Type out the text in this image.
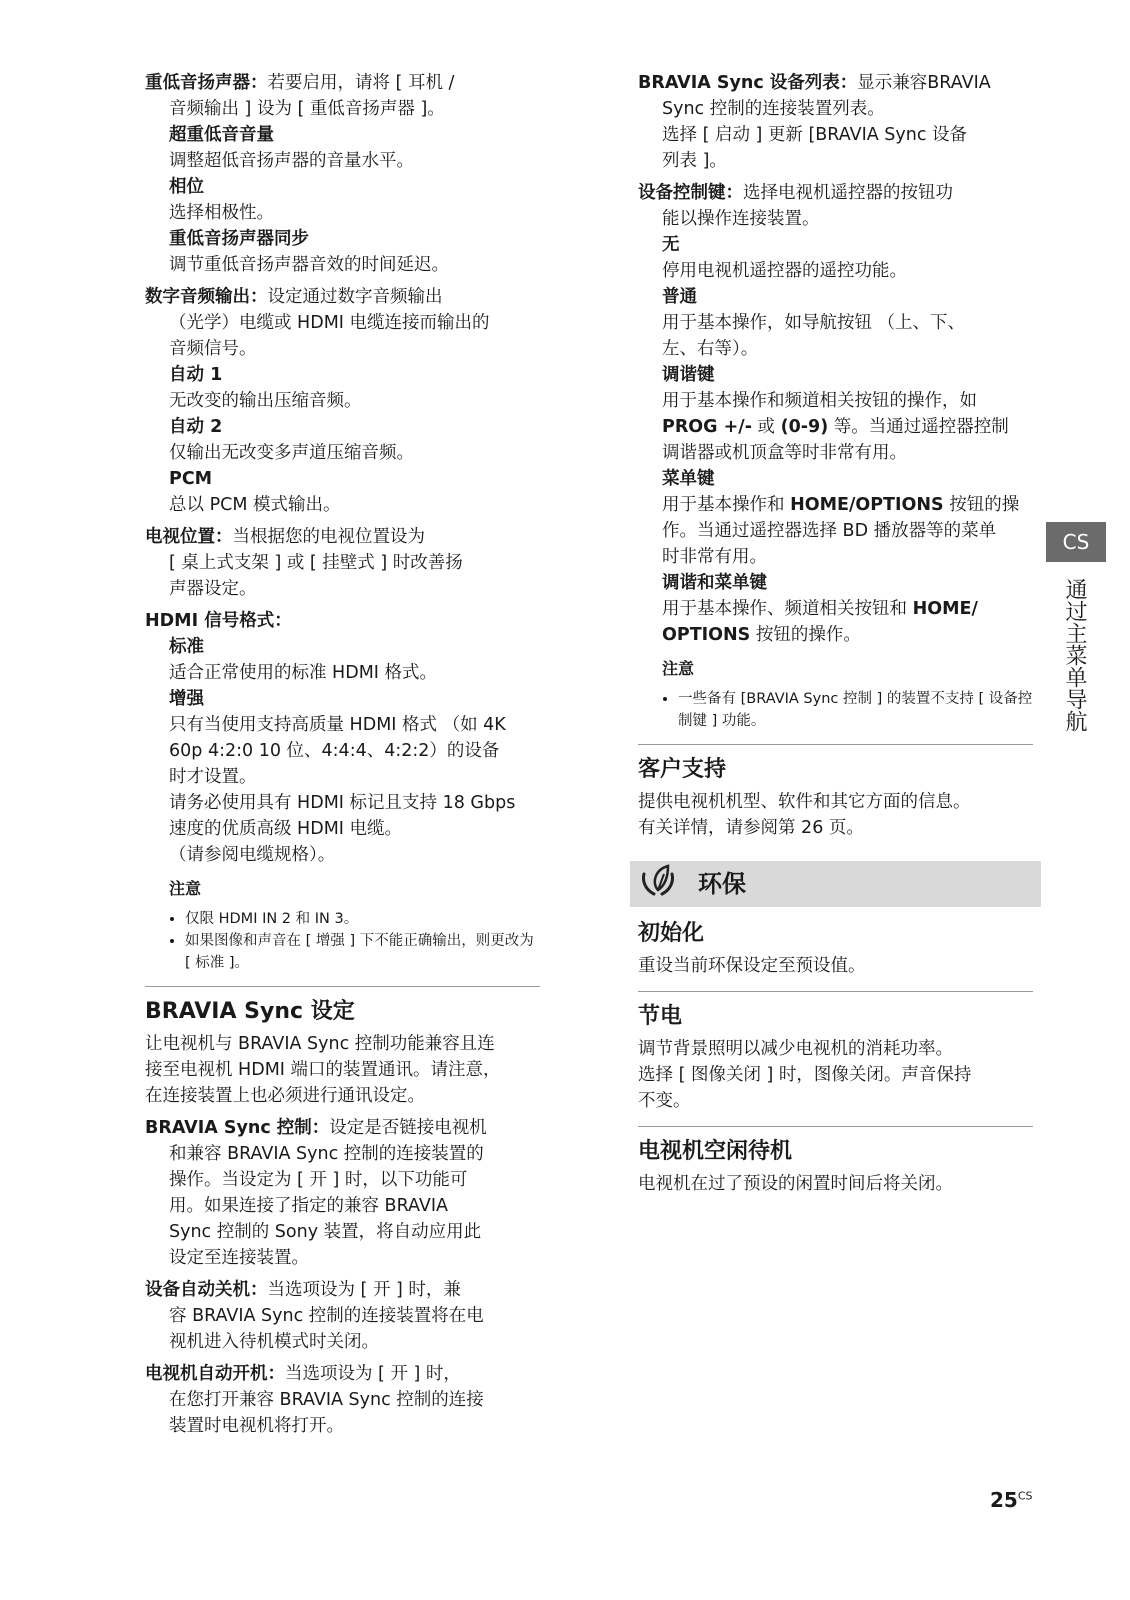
重低音扬声器：若要启用，请将 [ 耳机 /

音频输出 ] 设为 [ 重低音扬声器 ]。

超重低音音量

调整超低音扬声器的音量水平。

相位

选择相极性。

重低音扬声器同步

调节重低音扬声器音效的时间延迟。

数字音频输出：设定通过数字音频输出

（光学）电缆或 HDMI 电缆连接而输出的

音频信号。

自动 1

无改变的输出压缩音频。

自动 2

仅输出无改变多声道压缩音频。

PCM

总以 PCM 模式输出。

电视位置：当根据您的电视位置设为

[ 桌上式支架 ] 或 [ 挂壁式 ] 时改善扬

声器设定。

HDMI 信号格式：

标准

适合正常使用的标准 HDMI 格式。

增强

只有当使用支持高质量 HDMI 格式 （如 4K

60p 4:2:0 10 位、4:4:4、4:2:2）的设备

时才设置。

请务必使用具有 HDMI 标记且支持 18 Gbps

速度的优质高级 HDMI 电缆。

（请参阅电缆规格）。

注意

• 仅限 HDMI IN 2 和 IN 3。
• 如果图像和声音在 [ 增强 ] 下不能正确输出，则更改为 [ 标准 ]。
BRAVIA Sync 设定

让电视机与 BRAVIA Sync 控制功能兼容且连

接至电视机 HDMI 端口的装置通讯。请注意，

在连接装置上也必须进行通讯设定。

BRAVIA Sync 控制：设定是否链接电视机

和兼容 BRAVIA Sync 控制的连接装置的

操作。当设定为 [ 开 ] 时，以下功能可

用。如果连接了指定的兼容 BRAVIA

Sync 控制的 Sony 装置，将自动应用此

设定至连接装置。

设备自动关机：当选项设为 [ 开 ] 时，兼

容 BRAVIA Sync 控制的连接装置将在电

视机进入待机模式时关闭。

电视机自动开机：当选项设为 [ 开 ] 时，

在您打开兼容 BRAVIA Sync 控制的连接

装置时电视机将打开。

BRAVIA Sync 设备列表：显示兼容BRAVIA

Sync 控制的连接装置列表。

选择 [ 启动 ] 更新 [BRAVIA Sync 设备

列表 ]。

设备控制键：选择电视机遥控器的按钮功

能以操作连接装置。

无

停用电视机遥控器的遥控功能。

普通

用于基本操作，如导航按钮 （上、下、

左、右等）。

调谐键

用于基本操作和频道相关按钮的操作，如

PROG +/- 或 (0-9) 等。当通过遥控器控制

调谐器或机顶盒等时非常有用。

菜单键

用于基本操作和 HOME/OPTIONS 按钮的操

作。当通过遥控器选择 BD 播放器等的菜单

时非常有用。

调谐和菜单键

用于基本操作、频道相关按钮和 HOME/

OPTIONS 按钮的操作。

注意

• 一些备有 [BRAVIA Sync 控制 ] 的装置不支持 [ 设备控制键 ] 功能。
客户支持

提供电视机机型、软件和其它方面的信息。

有关详情，请参阅第 26 页。

环保
初始化

重设当前环保设定至预设值。

节电

调节背景照明以减少电视机的消耗功率。

选择 [ 图像关闭 ] 时，图像关闭。声音保持

不变。

电视机空闲待机

电视机在过了预设的闲置时间后将关闭。

CS
通过主菜单导航
$25^{CS}$
